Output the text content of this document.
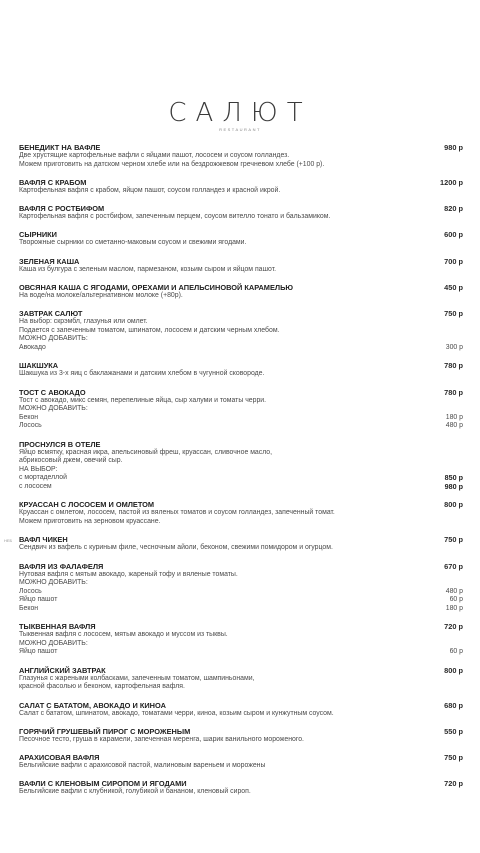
САЛЮТ
RESTAURANT
НЕБ
БЕНЕДИКТ НА ВАФЛЕ	980 р
Две хрустящие картофельные вафли с яйцами пашот, лососем и соусом голландез.
Можем приготовить на датском черном хлебе или на бездрожжевом гречневом хлебе (+100 р).
ВАФЛЯ С КРАБОМ	1200 р
Картофельная вафля с крабом, яйцом пашот, соусом голландез и красной икрой.
ВАФЛЯ С РОСТБИФОМ	820 р
Картофельная вафля с ростбифом, запеченным перцем, соусом вителло тонато и бальзамиком.
СЫРНИКИ	600 р
Творожные сырники со сметанно-маковым соусом и свежими ягодами.
ЗЕЛЕНАЯ КАША	700 р
Каша из булгура с зеленым маслом, пармезаном, козьим сыром и яйцом пашот.
ОВСЯНАЯ КАША С ЯГОДАМИ, ОРЕХАМИ И АПЕЛЬСИНОВОЙ КАРАМЕЛЬЮ	450 р
На воде/на молоке/альтернативном молоке (+80р).
ЗАВТРАК САЛЮТ	750 р
На выбор: скрэмбл, глазунья или омлет.
Подается с запеченным томатом, шпинатом, лососем и датским черным хлебом.
МОЖНО ДОБАВИТЬ:
Авокадо	300 р
ШАКШУКА	780 р
Шакшука из 3-х яиц с баклажанами и датским хлебом в чугунной сковороде.
ТОСТ С АВОКАДО	780 р
Тост с авокадо, микс семян, перепелиные яйца, сыр халуми и томаты черри.
МОЖНО ДОБАВИТЬ:
Бекон	180 р
Лосось	480 р
ПРОСНУЛСЯ В ОТЕЛЕ
Яйцо всмятку, красная икра, апельсиновый фреш, круассан, сливочное масло,
абрикосовый джем, овечий сыр.
НА ВЫБОР:
с мортаделлой	850 р
с лососем	980 р
КРУАССАН С ЛОСОСЕМ И ОМЛЕТОМ	800 р
Круассан с омлетом, лососем, пастой из вяленых томатов и соусом голландез, запеченный томат.
Можем приготовить на зерновом круассане.
ВАФЛ ЧИКЕН	750 р
Сендвич из вафель с куриным филе, чесночным айоли, беконом, свежими помидором и огурцом.
ВАФЛЯ ИЗ ФАЛАФЕЛЯ	670 р
Нутовая вафля с мятым авокадо, жареный тофу и вяленые томаты.
МОЖНО ДОБАВИТЬ:
Лосось	480 р
Яйцо пашот	60 р
Бекон	180 р
ТЫКВЕННАЯ ВАФЛЯ	720 р
Тыквенная вафля с лососем, мятым авокадо и муссом из тыквы.
МОЖНО ДОБАВИТЬ:
Яйцо пашот	60 р
АНГЛИЙСКИЙ ЗАВТРАК	800 р
Глазунья с жареными колбасками, запеченным томатом, шампиньонами,
красной фасолью и беконом, картофельная вафля.
САЛАТ С БАТАТОМ, АВОКАДО И КИНОА	680 р
Салат с бататом, шпинатом, авокадо, томатами черри, киноа, козьим сыром и кунжутным соусом.
ГОРЯЧИЙ ГРУШЕВЫЙ ПИРОГ С МОРОЖЕНЫМ	550 р
Песочное тесто, груша в карамели, запеченная меренга, шарик ванильного мороженого.
АРАХИСОВАЯ ВАФЛЯ	750 р
Бельгийские вафли с арахисовой пастой, малиновым вареньем и морожены
ВАФЛИ С КЛЕНОВЫМ СИРОПОМ И ЯГОДАМИ	720 р
Бельгийские вафли с клубникой, голубикой и бананом, кленовый сироп.
